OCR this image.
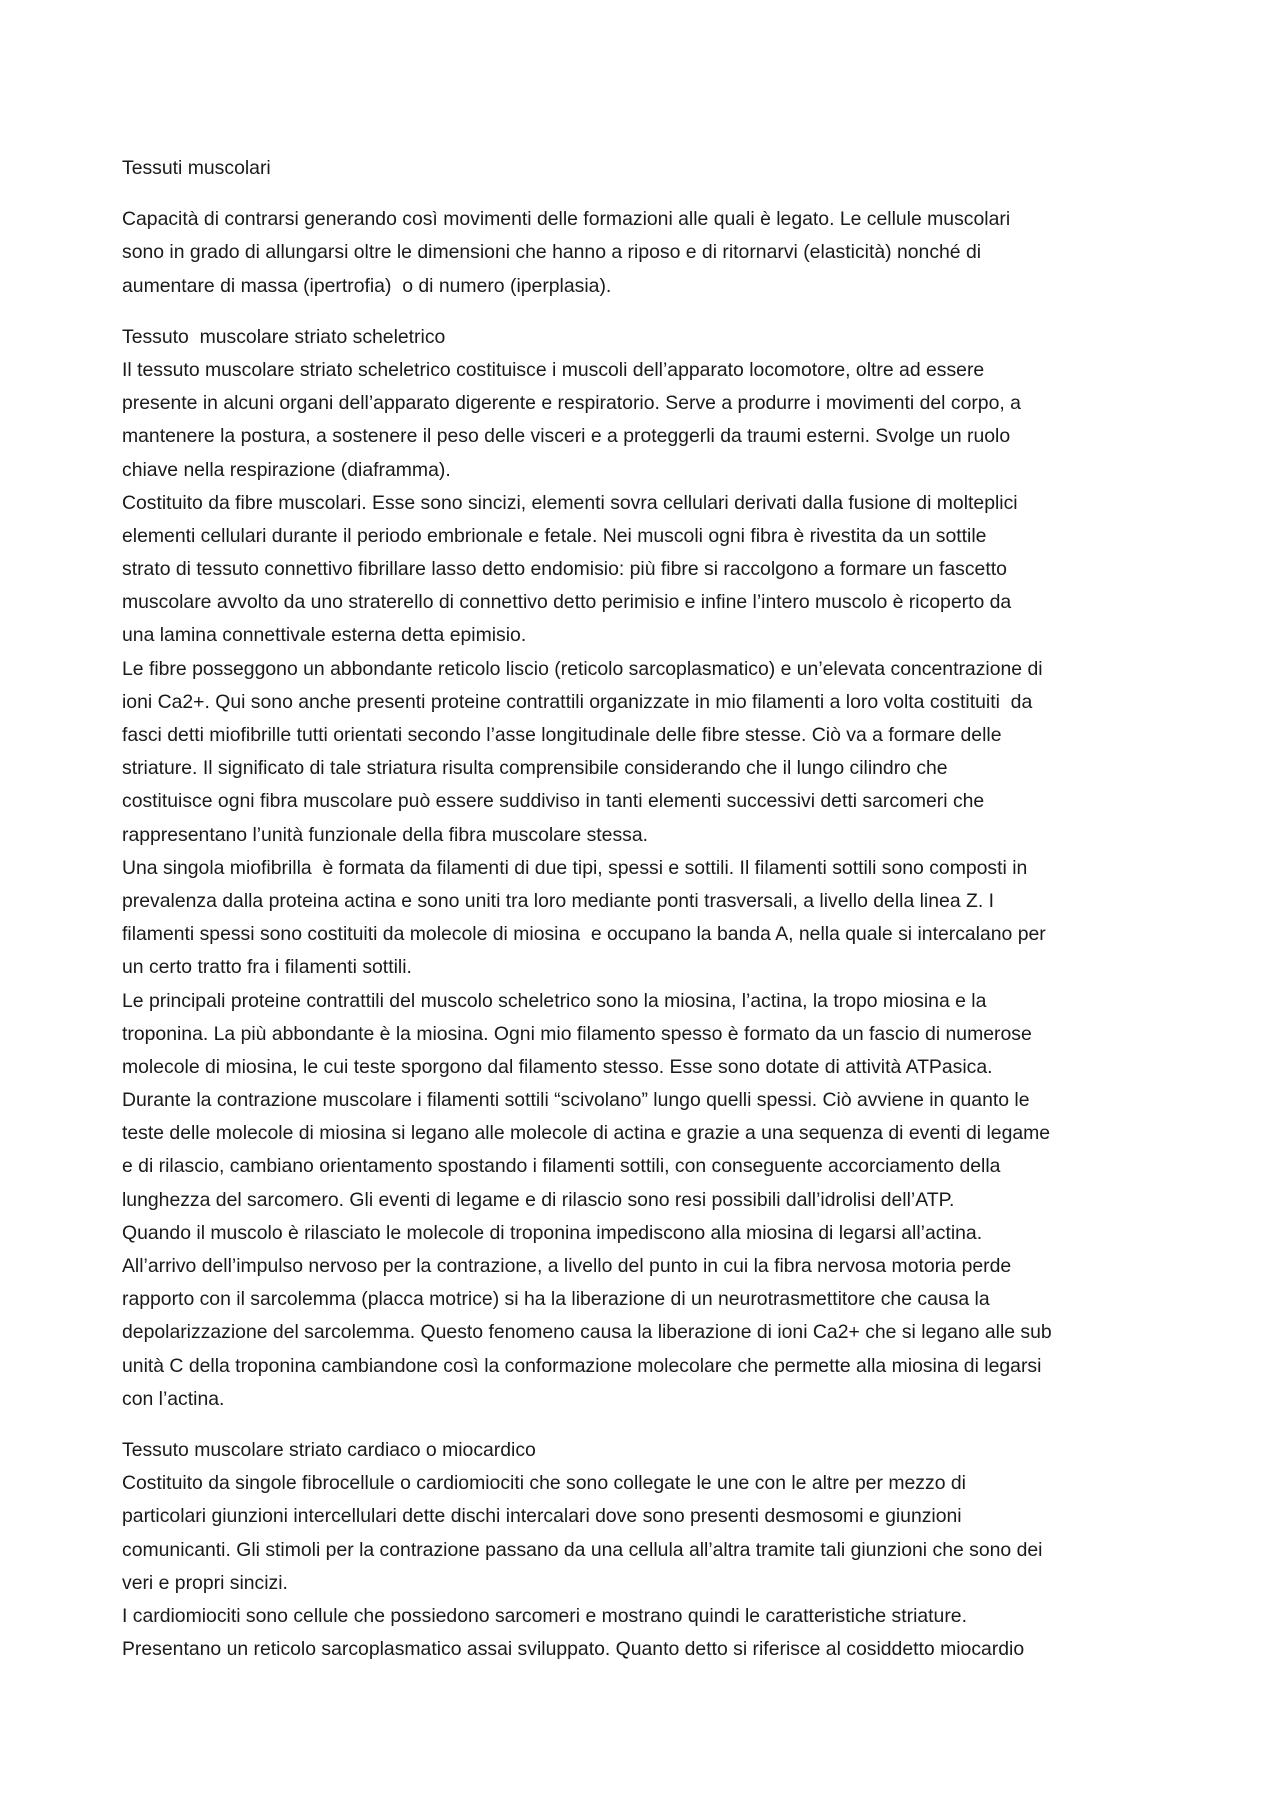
Tessuti muscolari
Capacità di contrarsi generando così movimenti delle formazioni alle quali è legato. Le cellule muscolari
sono in grado di allungarsi oltre le dimensioni che hanno a riposo e di ritornarvi (elasticità) nonché di
aumentare di massa (ipertrofia)  o di numero (iperplasia).
Tessuto  muscolare striato scheletrico
Il tessuto muscolare striato scheletrico costituisce i muscoli dell’apparato locomotore, oltre ad essere
presente in alcuni organi dell’apparato digerente e respiratorio. Serve a produrre i movimenti del corpo, a
mantenere la postura, a sostenere il peso delle visceri e a proteggerli da traumi esterni. Svolge un ruolo
chiave nella respirazione (diaframma).
Costituito da fibre muscolari. Esse sono sincizi, elementi sovra cellulari derivati dalla fusione di molteplici
elementi cellulari durante il periodo embrionale e fetale. Nei muscoli ogni fibra è rivestita da un sottile
strato di tessuto connettivo fibrillare lasso detto endomisio: più fibre si raccolgono a formare un fascetto
muscolare avvolto da uno straterello di connettivo detto perimisio e infine l’intero muscolo è ricoperto da
una lamina connettivale esterna detta epimisio.
Le fibre posseggono un abbondante reticolo liscio (reticolo sarcoplasmatico) e un’elevata concentrazione di
ioni Ca2+. Qui sono anche presenti proteine contrattili organizzate in mio filamenti a loro volta costituiti  da
fasci detti miofibrille tutti orientati secondo l’asse longitudinale delle fibre stesse. Ciò va a formare delle
striature. Il significato di tale striatura risulta comprensibile considerando che il lungo cilindro che
costituisce ogni fibra muscolare può essere suddiviso in tanti elementi successivi detti sarcomeri che
rappresentano l’unità funzionale della fibra muscolare stessa.
Una singola miofibrilla  è formata da filamenti di due tipi, spessi e sottili. Il filamenti sottili sono composti in
prevalenza dalla proteina actina e sono uniti tra loro mediante ponti trasversali, a livello della linea Z. I
filamenti spessi sono costituiti da molecole di miosina  e occupano la banda A, nella quale si intercalano per
un certo tratto fra i filamenti sottili.
Le principali proteine contrattili del muscolo scheletrico sono la miosina, l’actina, la tropo miosina e la
troponina. La più abbondante è la miosina. Ogni mio filamento spesso è formato da un fascio di numerose
molecole di miosina, le cui teste sporgono dal filamento stesso. Esse sono dotate di attività ATPasica.
Durante la contrazione muscolare i filamenti sottili “scivolano” lungo quelli spessi. Ciò avviene in quanto le
teste delle molecole di miosina si legano alle molecole di actina e grazie a una sequenza di eventi di legame
e di rilascio, cambiano orientamento spostando i filamenti sottili, con conseguente accorciamento della
lunghezza del sarcomero. Gli eventi di legame e di rilascio sono resi possibili dall’idrolisi dell’ATP.
Quando il muscolo è rilasciato le molecole di troponina impediscono alla miosina di legarsi all’actina.
All’arrivo dell’impulso nervoso per la contrazione, a livello del punto in cui la fibra nervosa motoria perde
rapporto con il sarcolemma (placca motrice) si ha la liberazione di un neurotrasmettitore che causa la
depolarizzazione del sarcolemma. Questo fenomeno causa la liberazione di ioni Ca2+ che si legano alle sub
unità C della troponina cambiandone così la conformazione molecolare che permette alla miosina di legarsi
con l’actina.
Tessuto muscolare striato cardiaco o miocardico
Costituito da singole fibrocellule o cardiomiociti che sono collegate le une con le altre per mezzo di
particolari giunzioni intercellulari dette dischi intercalari dove sono presenti desmosomi e giunzioni
comunicanti. Gli stimoli per la contrazione passano da una cellula all’altra tramite tali giunzioni che sono dei
veri e propri sincizi.
I cardiomiociti sono cellule che possiedono sarcomeri e mostrano quindi le caratteristiche striature.
Presentano un reticolo sarcoplasmatico assai sviluppato. Quanto detto si riferisce al cosiddetto miocardio
